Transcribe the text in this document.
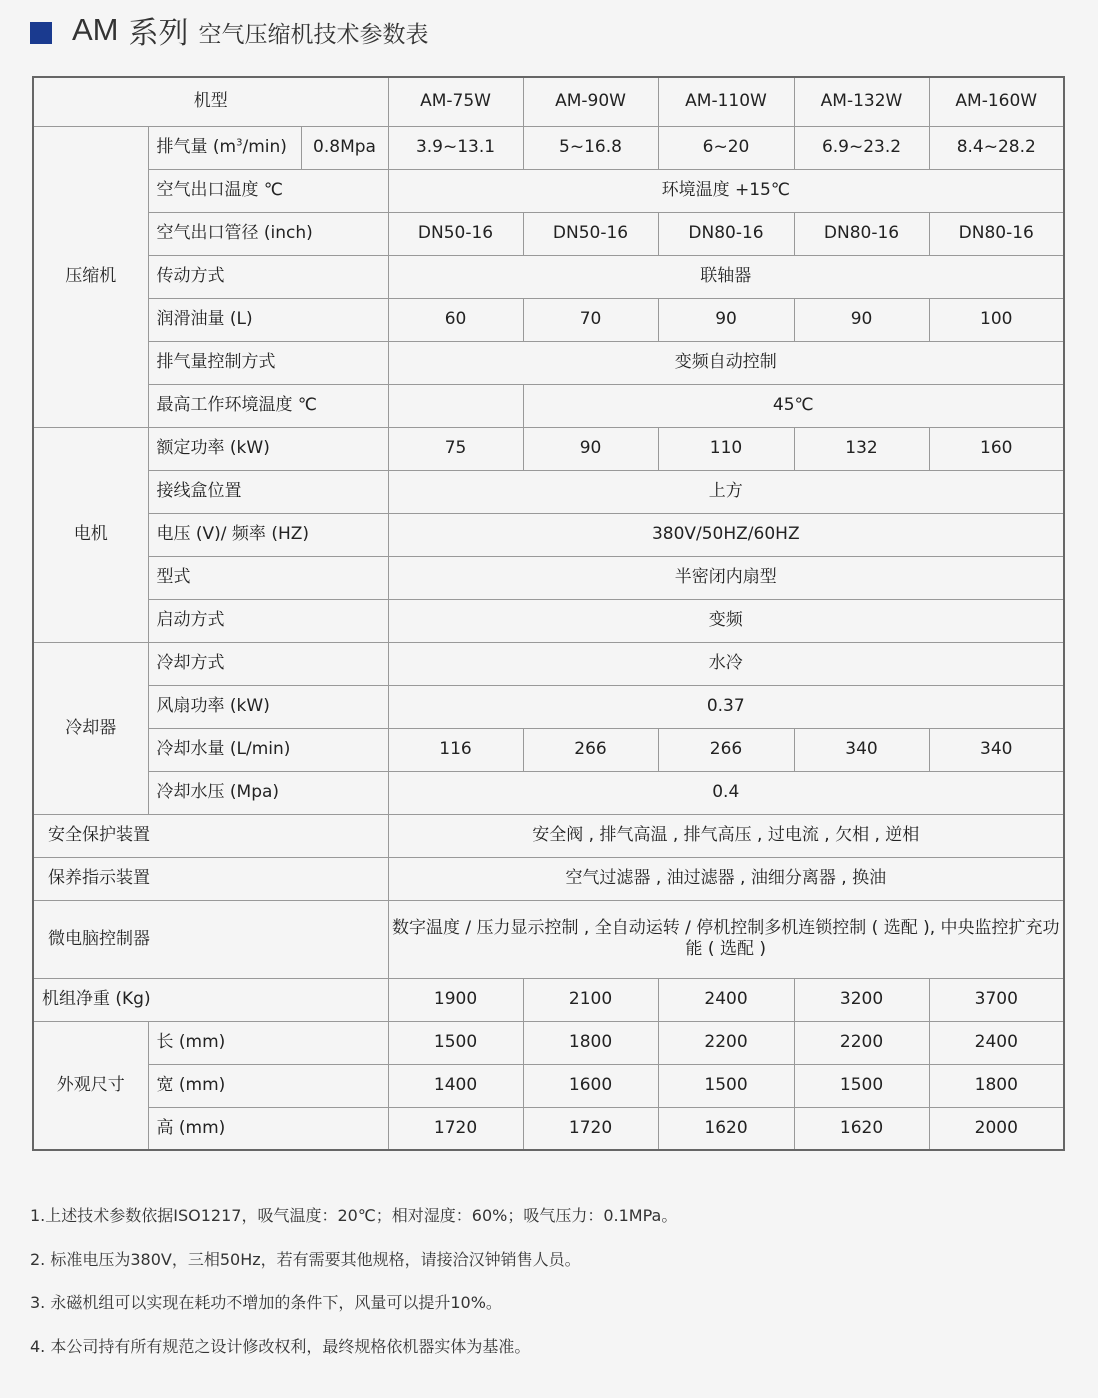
AM 系列 空气压缩机技术参数表
机型			AM-75W	AM-90W	AM-110W	AM-132W	AM-160W
压缩机	排气量 $(m^3/\min)$	0.8Mpa	3.9~13.1	5~16.8	6~20	6.9~23.2	8.4~28.2
	空气出口温度 ℃		环境温度 +15℃				
	空气出口管径 (inch)		DN50-16	DN50-16	DN80-16	DN80-16	DN80-16
	传动方式		联轴器				
	润滑油量 (L)		60	70	90	90	100
	排气量控制方式		变频自动控制				
	最高工作环境温度 ℃			45℃			
电机	额定功率 (kW)		75	90	110	132	160
	接线盒位置		上方				
	电压 (V)/ 频率 (HZ)		380V/50HZ/60HZ				
	型式		半密闭内扇型				
	启动方式		变频				
冷却器	冷却方式		水冷				
	风扇功率 (kW)		0.37				
	冷却水量 (L/min)		116	266	266	340	340
	冷却水压 (Mpa)		0.4				
安全保护装置			安全阀 , 排气高温 , 排气高压 , 过电流 , 欠相 , 逆相				
保养指示装置			空气过滤器 , 油过滤器 , 油细分离器 , 换油				
微电脑控制器			数字温度 / 压力显示控制 , 全自动运转 / 停机控制多机连锁控制 ( 选配 ), 中央监控扩充功能 ( 选配 )				
机组净重 (Kg)			1900	2100	2400	3200	3700
外观尺寸	长 (mm)		1500	1800	2200	2200	2400
	宽 (mm)		1400	1600	1500	1500	1800
	高 (mm)		1720	1720	1620	1620	2000
1.上述技术参数依据ISO1217，吸气温度：20℃；相对湿度：60%；吸气压力：0.1MPa。
2. 标准电压为380V，三相50Hz，若有需要其他规格，请接洽汉钟销售人员。
3. 永磁机组可以实现在耗功不增加的条件下，风量可以提升10%。
4. 本公司持有所有规范之设计修改权利，最终规格依机器实体为基准。
